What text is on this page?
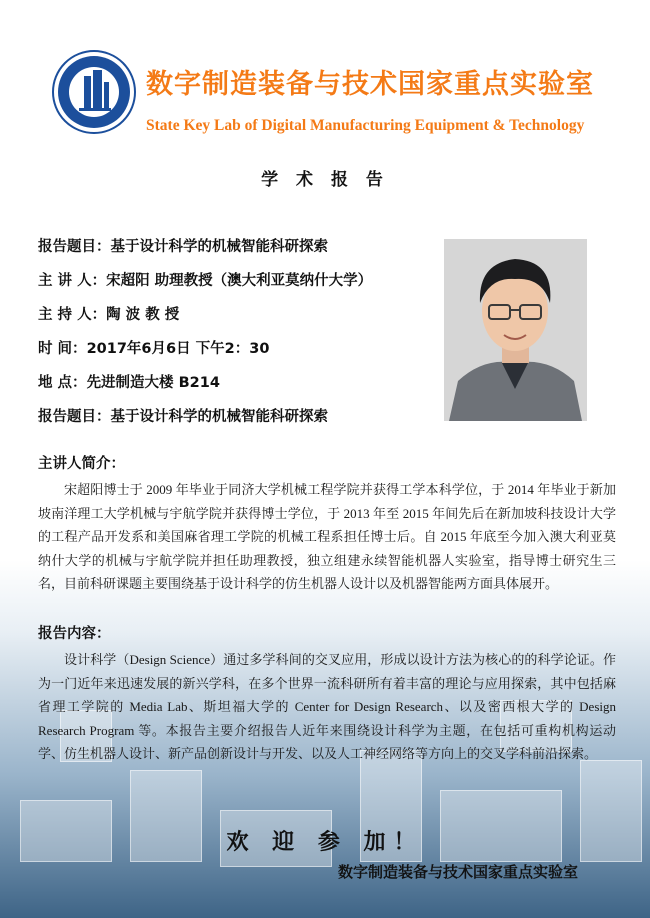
数字制造装备与技术国家重点实验室
State Key Lab of Digital Manufacturing Equipment & Technology
学 术 报 告
报告题目：基于设计科学的机械智能科研探索
主 讲 人：宋超阳 助理教授（澳大利亚莫纳什大学）
主 持 人：陶 波 教 授
时 间：2017年6月6日 下午2：30
地 点：先进制造大楼 B214
报告题目：基于设计科学的机械智能科研探索
主讲人简介：
宋超阳博士于 2009 年毕业于同济大学机械工程学院并获得工学本科学位，于 2014 年毕业于新加坡南洋理工大学机械与宇航学院并获得博士学位，于 2013 年至 2015 年间先后在新加坡科技设计大学的工程产品开发系和美国麻省理工学院的机械工程系担任博士后。自 2015 年底至今加入澳大利亚莫纳什大学的机械与宇航学院并担任助理教授，独立组建永续智能机器人实验室，指导博士研究生三名，目前科研课题主要围绕基于设计科学的仿生机器人设计以及机器智能两方面具体展开。
报告内容：
设计科学（Design Science）通过多学科间的交叉应用，形成以设计方法为核心的的科学论证。作为一门近年来迅速发展的新兴学科，在多个世界一流科研所有着丰富的理论与应用探索，其中包括麻省理工学院的 Media Lab、斯坦福大学的 Center for Design Research、以及密西根大学的 Design Research Program 等。本报告主要介绍报告人近年来围绕设计科学为主题，在包括可重构机构运动学、仿生机器人设计、新产品创新设计与开发、以及人工神经网络等方向上的交叉学科前沿探索。
欢 迎 参 加！
数字制造装备与技术国家重点实验室
